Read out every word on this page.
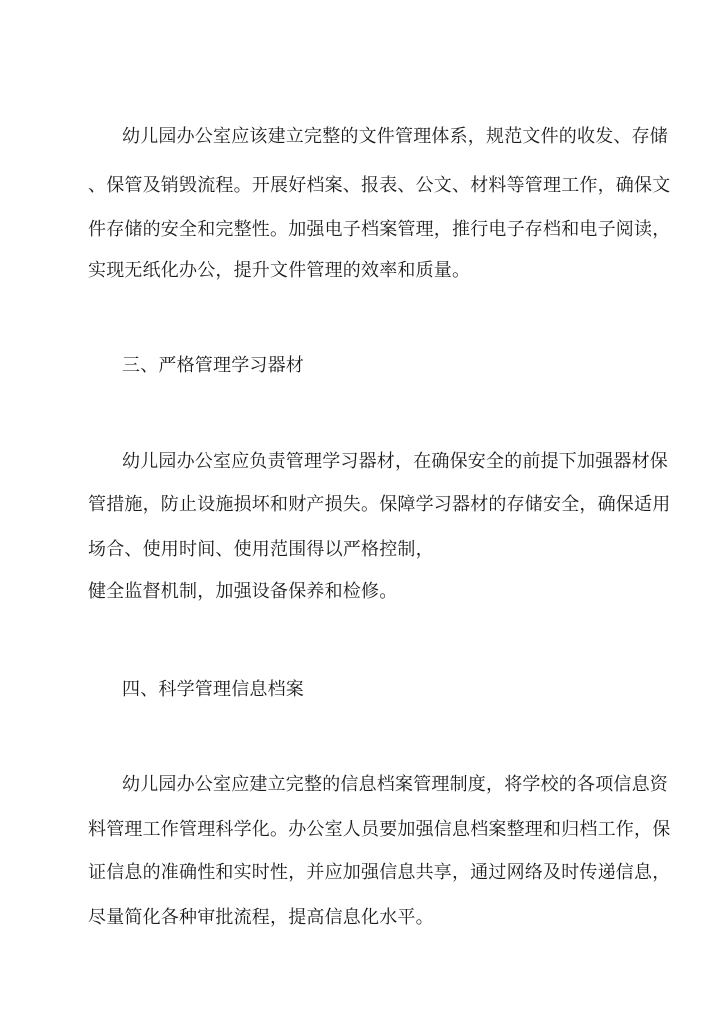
幼儿园办公室应该建立完整的文件管理体系，规范文件的收发、存储
、保管及销毁流程。开展好档案、报表、公文、材料等管理工作，确保文
件存储的安全和完整性。加强电子档案管理，推行电子存档和电子阅读，
实现无纸化办公，提升文件管理的效率和质量。
三、严格管理学习器材
幼儿园办公室应负责管理学习器材，在确保安全的前提下加强器材保
管措施，防止设施损坏和财产损失。保障学习器材的存储安全，确保适用
场合、使用时间、使用范围得以严格控制，
健全监督机制，加强设备保养和检修。
四、科学管理信息档案
幼儿园办公室应建立完整的信息档案管理制度，将学校的各项信息资
料管理工作管理科学化。办公室人员要加强信息档案整理和归档工作，保
证信息的准确性和实时性，并应加强信息共享，通过网络及时传递信息，
尽量简化各种审批流程，提高信息化水平。
